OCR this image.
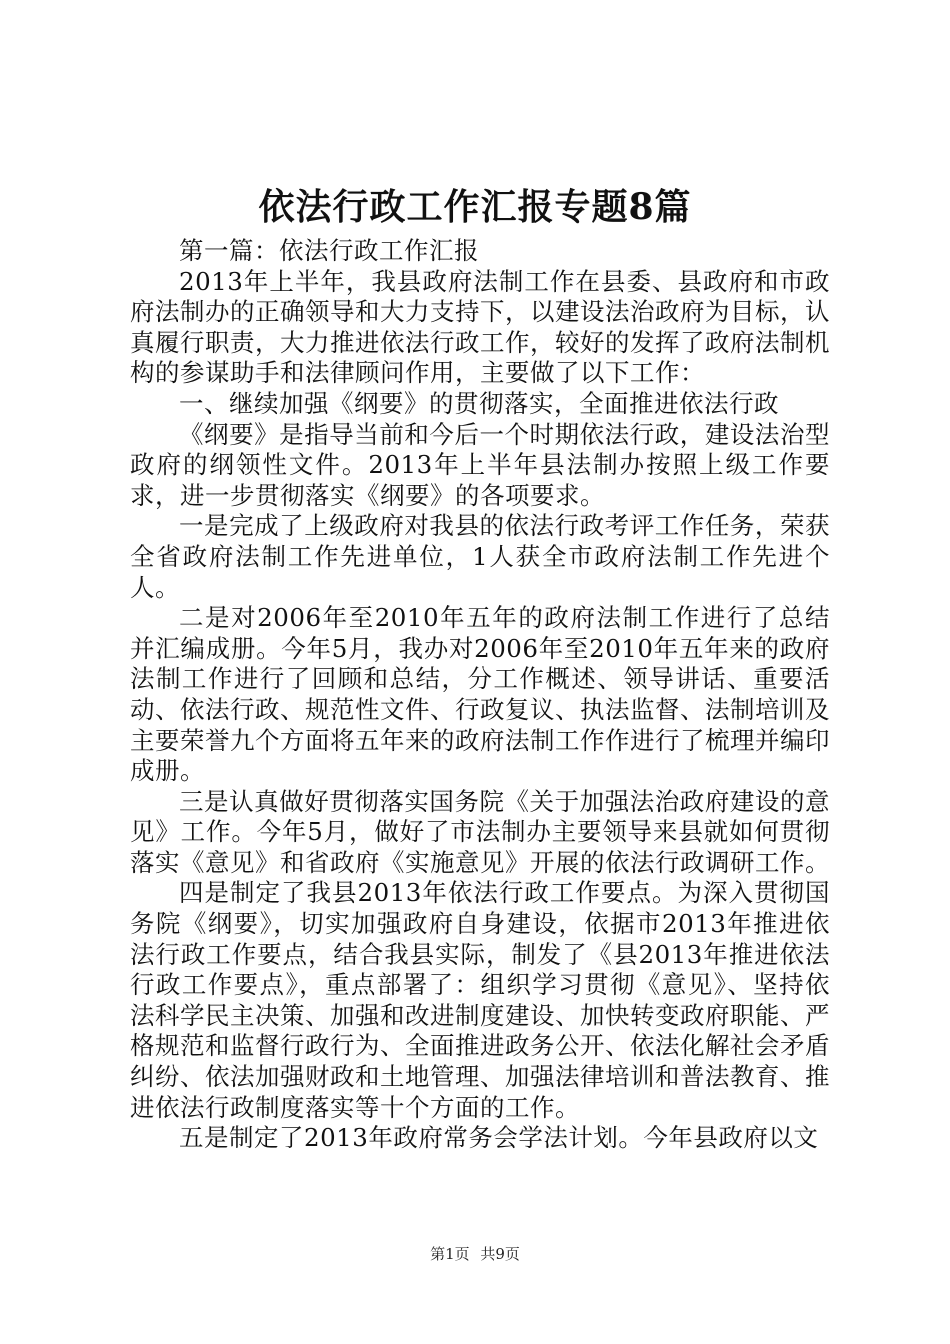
依法行政工作汇报专题8篇

第一篇：依法行政工作汇报

2013年上半年，我县政府法制工作在县委、县政府和市政府法制办的正确领导和大力支持下，以建设法治政府为目标，认真履行职责，大力推进依法行政工作，较好的发挥了政府法制机构的参谋助手和法律顾问作用，主要做了以下工作：

一、继续加强《纲要》的贯彻落实，全面推进依法行政

《纲要》是指导当前和今后一个时期依法行政，建设法治型政府的纲领性文件。2013年上半年县法制办按照上级工作要求，进一步贯彻落实《纲要》的各项要求。

一是完成了上级政府对我县的依法行政考评工作任务，荣获全省政府法制工作先进单位，1人获全市政府法制工作先进个人。

二是对2006年至2010年五年的政府法制工作进行了总结并汇编成册。今年5月，我办对2006年至2010年五年来的政府法制工作进行了回顾和总结，分工作概述、领导讲话、重要活动、依法行政、规范性文件、行政复议、执法监督、法制培训及主要荣誉九个方面将五年来的政府法制工作作进行了梳理并编印成册。

三是认真做好贯彻落实国务院《关于加强法治政府建设的意见》工作。今年5月，做好了市法制办主要领导来县就如何贯彻落实《意见》和省政府《实施意见》开展的依法行政调研工作。

四是制定了我县2013年依法行政工作要点。为深入贯彻国务院《纲要》，切实加强政府自身建设，依据市2013年推进依法行政工作要点，结合我县实际，制发了《县2013年推进依法行政工作要点》，重点部署了：组织学习贯彻《意见》、坚持依法科学民主决策、加强和改进制度建设、加快转变政府职能、严格规范和监督行政行为、全面推进政务公开、依法化解社会矛盾纠纷、依法加强财政和土地管理、加强法律培训和普法教育、推进依法行政制度落实等十个方面的工作。

五是制定了2013年政府常务会学法计划。今年县政府以文

第1页 共9页
